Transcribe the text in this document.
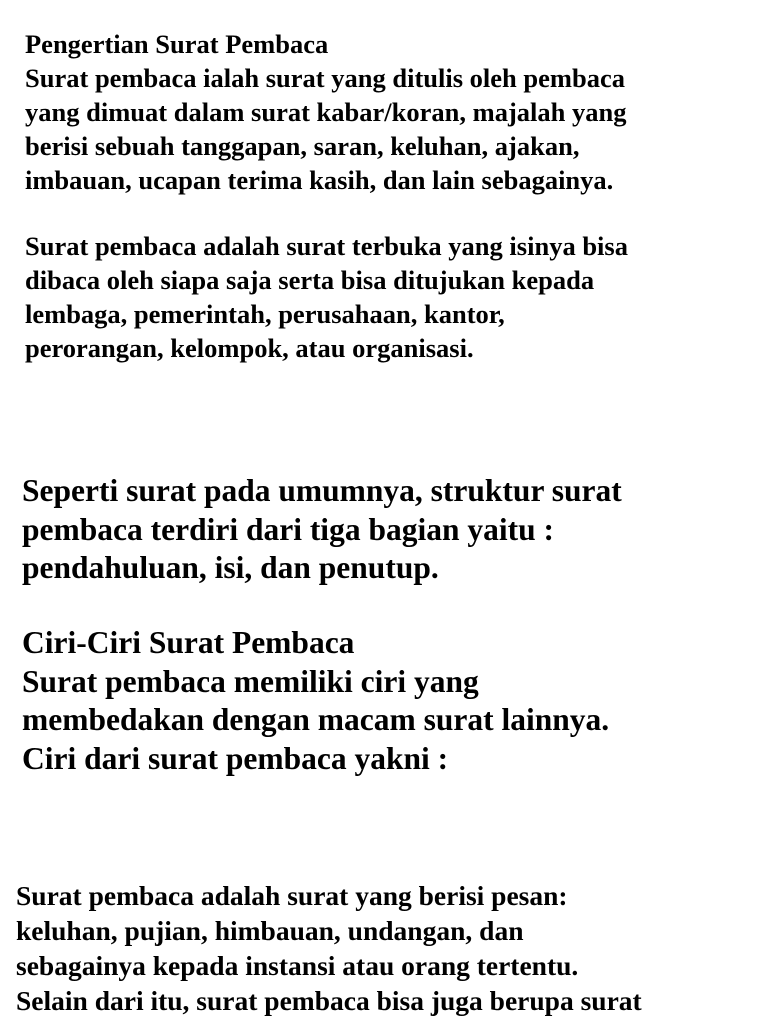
Pengertian Surat Pembaca
Surat pembaca ialah surat yang ditulis oleh pembaca
yang dimuat dalam surat kabar/koran, majalah yang
berisi sebuah tanggapan, saran, keluhan, ajakan,
imbauan, ucapan terima kasih, dan lain sebagainya.
Surat pembaca adalah surat terbuka yang isinya bisa
dibaca oleh siapa saja serta bisa ditujukan kepada
lembaga, pemerintah, perusahaan, kantor,
perorangan, kelompok, atau organisasi.
Seperti surat pada umumnya, struktur surat
pembaca terdiri dari tiga bagian yaitu :
pendahuluan, isi, dan penutup.
Ciri-Ciri Surat Pembaca
Surat pembaca memiliki ciri yang
membedakan dengan macam surat lainnya.
Ciri dari surat pembaca yakni :
Surat pembaca adalah surat yang berisi pesan:
keluhan, pujian, himbauan, undangan, dan
sebagainya kepada instansi atau orang tertentu.
Selain dari itu, surat pembaca bisa juga berupa surat
